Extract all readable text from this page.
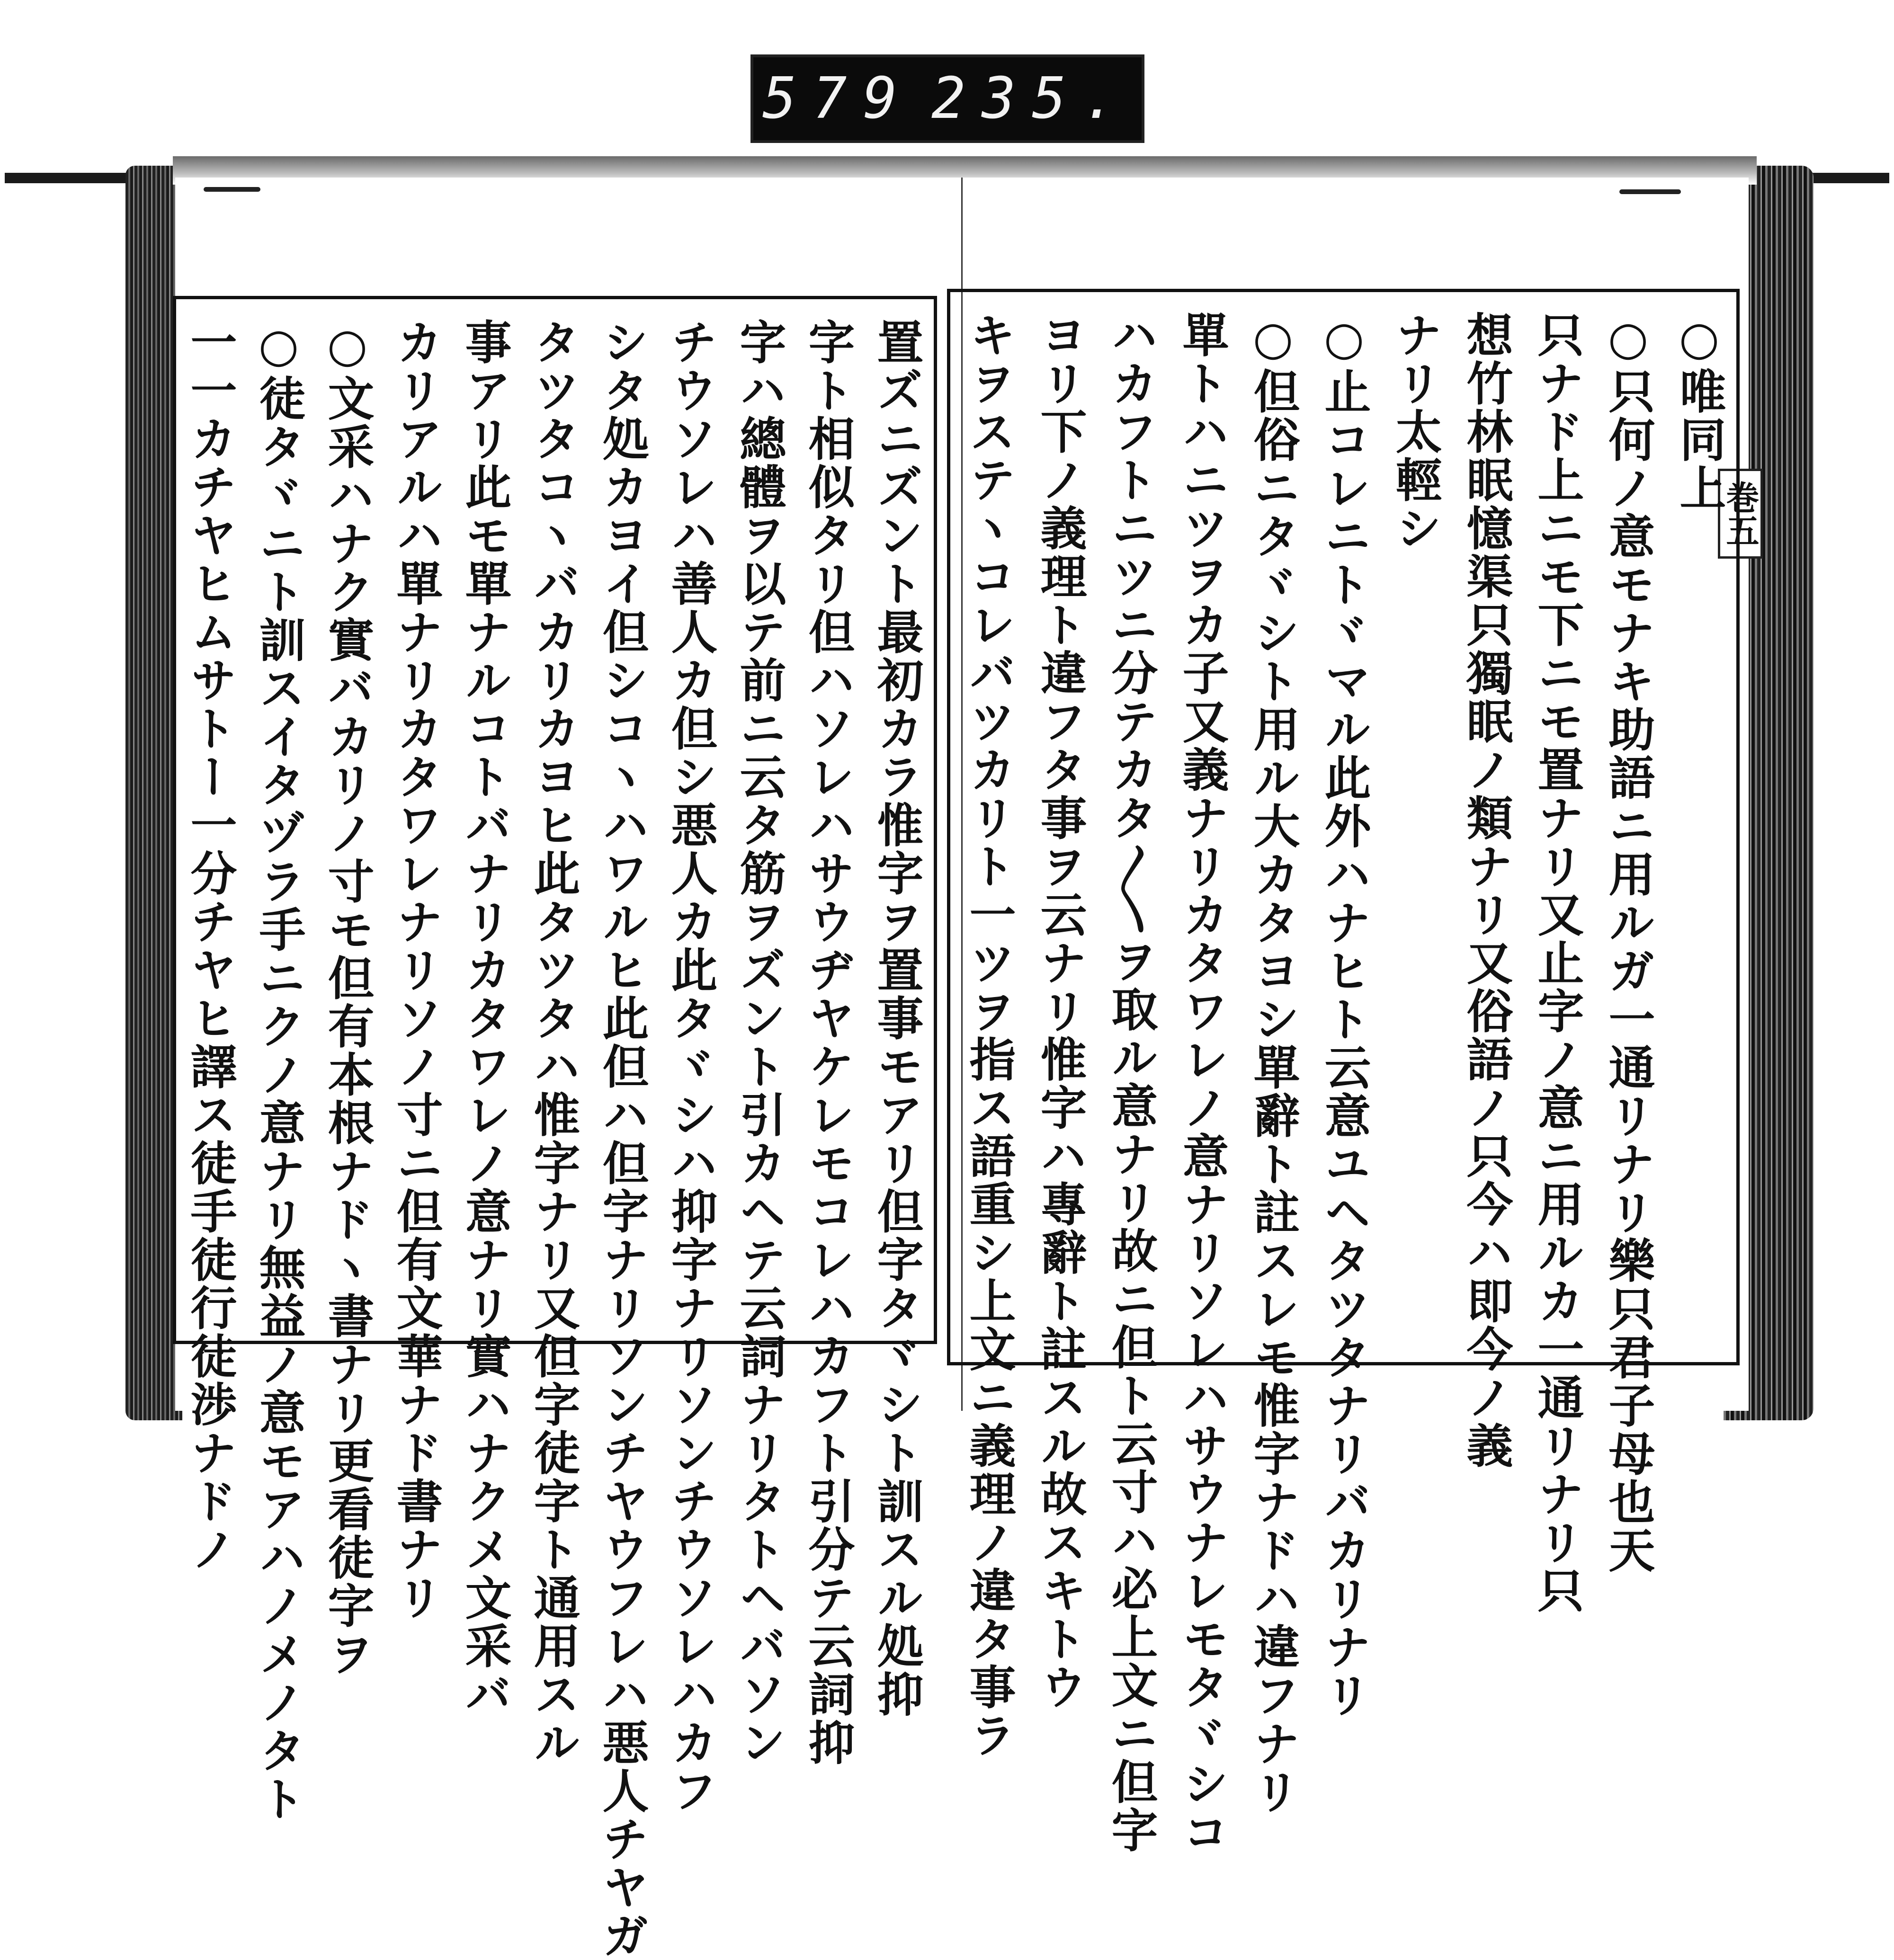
579 235.
巻五
○唯同上
○只何ノ意モナキ助語ニ用ルガ一通リナリ樂只君子母也天
只ナド上ニモ下ニモ置ナリ又止字ノ意ニ用ルカ一通リナリ只
想竹林眠憶渠只獨眠ノ類ナリ又俗語ノ只今ハ即今ノ義
ナリ太輕シ
○止コレニトヾマル此外ハナヒト云意ユヘタツタナリバカリナリ
○但俗ニタヾシト用ル大カタヨシ單辭ト註スレモ惟字ナドハ違フナリ
單トハニツヲカ子又義ナリカタワレノ意ナリソレハサウナレモタヾシコ
ハカフトニツニ分テカタ〳〵ヲ取ル意ナリ故ニ但ト云寸ハ必上文ニ但字
ヨリ下ノ義理ト違フタ事ヲ云ナリ惟字ハ專辭ト註スル故スキトウ
キヲステヽコレバツカリト一ツヲ指ス語重シ上文ニ義理ノ違タ事ラ
置ズニズント最初カラ惟字ヲ置事モアリ但字タヾシト訓スル処抑
字ト相似タリ但ハソレハサウヂヤケレモコレハカフト引分テ云詞抑
字ハ總體ヲ以テ前ニ云タ筋ヲズント引カヘテ云詞ナリタトヘバソン
チウソレハ善人カ但シ悪人カ此タヾシハ抑字ナリソンチウソレハカフ
シタ処カヨイ但シコヽハワルヒ此但ハ但字ナリソンチヤウフレハ悪人チヤガ
タツタコヽバカリカヨヒ此タツタハ惟字ナリ又但字徒字ト通用スル
事アリ此モ單ナルコトバナリカタワレノ意ナリ實ハナクメ文采バ
カリアルハ單ナリカタワレナリソノ寸ニ但有文華ナド書ナリ
○文采ハナク實バカリノ寸モ但有本根ナドヽ書ナリ更看徒字ヲ
○徒タヾニト訓スイタヅラ手ニクノ意ナリ無益ノ意モアハノメノタト
一一カチヤヒムサトー一分チヤヒ譯ス徒手徒行徒渉ナドノ
